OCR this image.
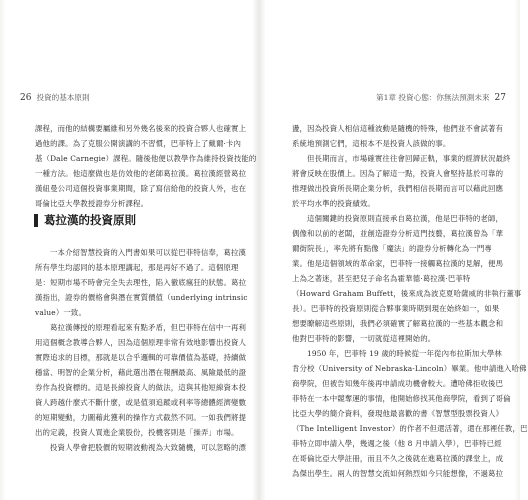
26 投資的基本原則
課程，而他的結構要屬維和另外幾名後來的投資合夥人也確實上
過他的課。為了克服公開演講的不習慣，巴菲特上了戴爾·卡內
基（Dale Carnegie）課程。隨後他便以教學作為維持投資技能的
一種方法。他這麼做也是仿效他的老師葛拉漢。葛拉漢經營葛拉
漢紐曼公司這個投資事業期間，除了寫信給他的投資人外，也在
哥倫比亞大學教授證券分析課程。
葛拉漢的投資原則
一本介紹智慧投資的入門書如果可以從巴菲特信奉，葛拉漢
所有學生均認同的基本原理講起，那是再好不過了。這個原理
是：短期市場不時會完全失去理性，陷入徹底瘋狂的狀態。葛拉
漢指出，證券的價格會與潛在實質價值（underlying intrinsic
value）一致。
葛拉漢傳授的原理看起來有點矛盾，但巴菲特在信中一再利
用這個概念教導合夥人，因為這個原理非常有效地影響出投資人
實際追求的目標，那就是以合乎邏輯的可靠價值為基礎，持續做
穩當、明智的企業分析，藉此選出潛在報酬最高、風險最低的證
券作為投資標的。這是長線投資人的做法，這與其他短線資本投
資人跨越什麼式不斷什麼，或是值須追蹤或利率等總體經濟變數
的短期變動，力圖藉此獲利的操作方式截然不同。一如我們將提
出的定義，投資人買進企業股份，投機客則是「操弄」市場。
投資人學會把股價的短期波動視為大致隨機，可以忽略的漂
第1章 投資心態：你無法預測未來 27
盪，因為投資人相信這種波動是隨機的特殊，他們並不會試著有
系統地預測它們，這根本不是投資人該做的事。
但長期而言，市場確實往往會回歸正軌，事業的經濟狀況最終
將會反映在股價上。因為了解這一點，投資人會堅持基於可靠的
推理做出投資所長期企業分析，我們相信長期而言可以藉此回應
於平均水準的投資績效。
這個關鍵的投資原則直接承自葛拉漢，他是巴菲特的老師，
偶像和以前的老闆，並創造證券分析這門技藝，葛拉漢曾為「華
爾街院長」，率先將有點像「魔法」的證券分析轉化為一門專
業。他是這個領域的革命家，巴菲特一接觸葛拉漢的見解，便馬
上為之著迷，甚至把兒子命名為霍華德·葛拉漢·巴菲特
（Howard Graham Buffett，後來成為波克夏哈薩威的非執行董事
長）。巴菲特的投資原則從合夥事業時期到現在始終如一，如果
想要瞭解這些原則，我們必須確實了解葛拉漢的一些基本觀念和
他對巴菲特的影響，一切就從這裡開始的。
1950 年，巴菲特 19 歲的時候從一年從內布拉斯加大學林
肯分校（University of Nebraska-Lincoln）畢業。他申請進入哈佛
商學院，但被告知幾年後再申請成功機會較大。遭哈佛拒收後巴
菲特在一本中競奪運的事情，他開始修找其他商學院，看到了哥倫
比亞大學的簡介資料，發現他最喜歡的書《智慧型股票投資人》
（The Intelligent Investor）的作者不但還活著，還在那裡任教，巴
菲特立即申請入學，幾週之後（他 8 月申請入學），巴菲特已經
在哥倫比亞大學註冊，而且不久之後就在進葛拉漢的課堂上，成
為傑出學生。兩人的智慧交流如何熱烈如今只能想像，不過葛拉
